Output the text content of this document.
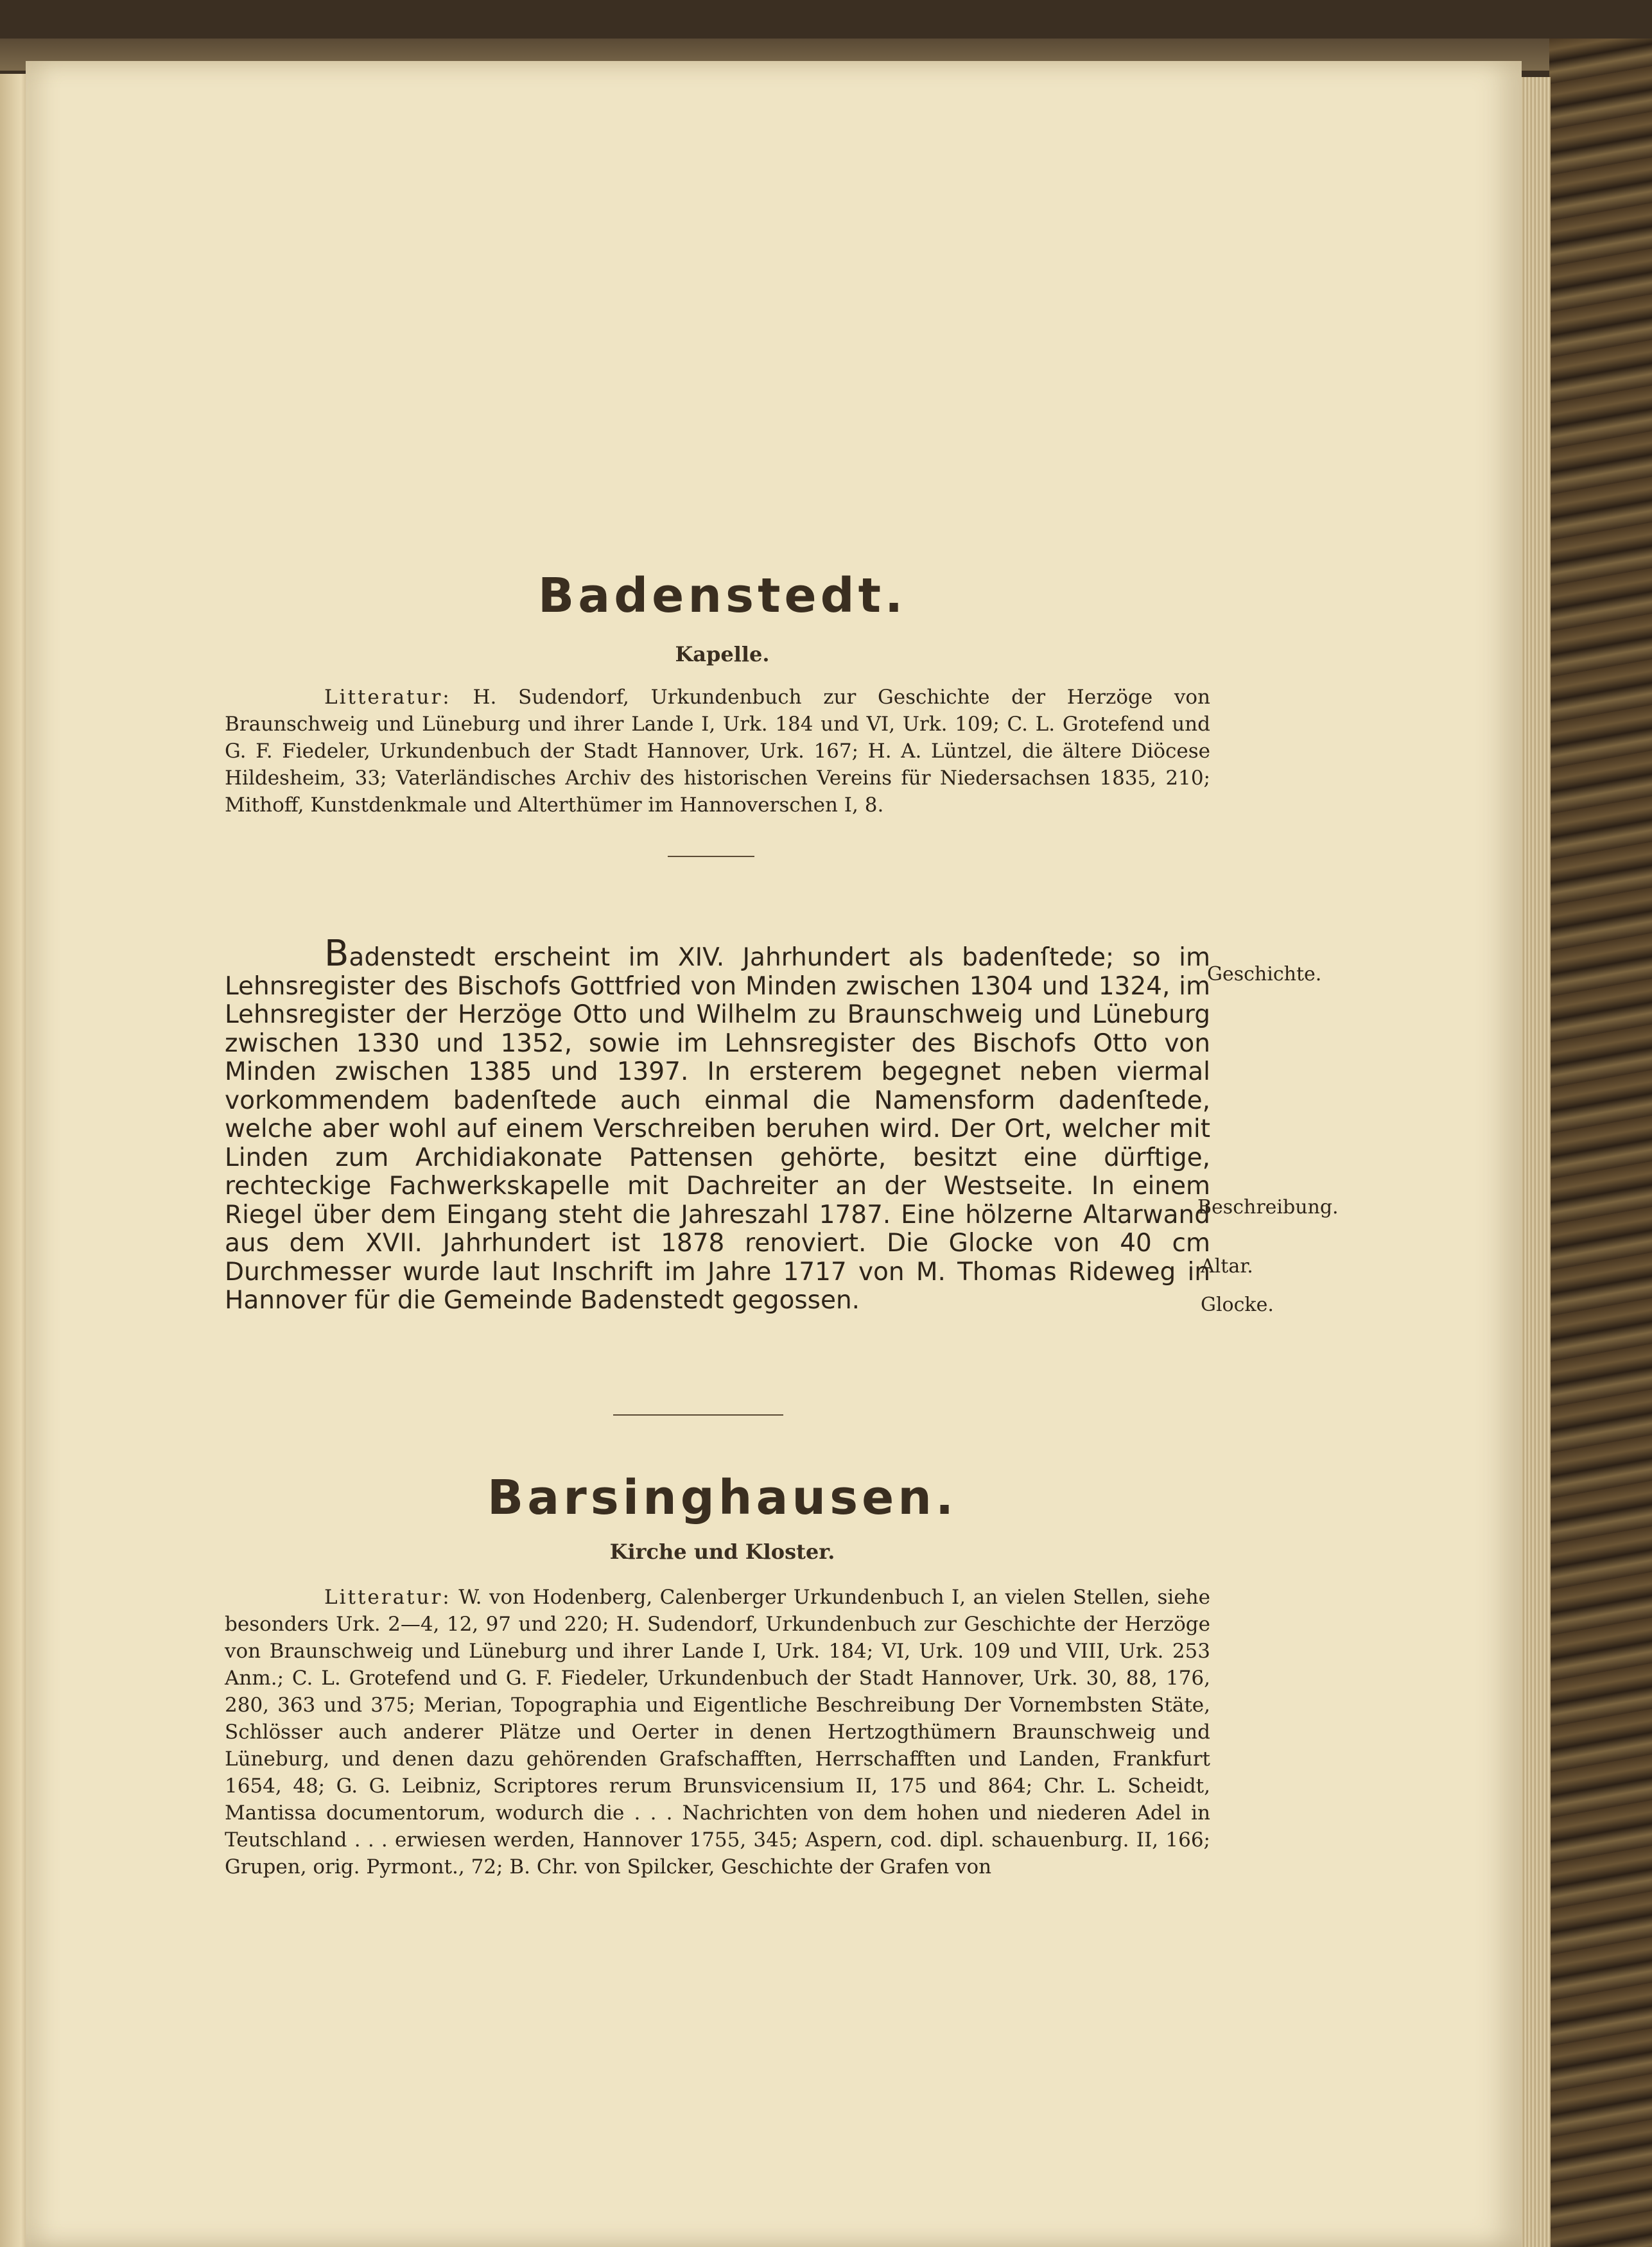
Badenstedt.
Kapelle.

Litteratur: H. Sudendorf, Urkundenbuch zur Geschichte der Herzöge von Braunschweig und Lüneburg und ihrer Lande I, Urk. 184 und VI, Urk. 109; C. L. Grotefend und G. F. Fiedeler, Urkundenbuch der Stadt Hannover, Urk. 167; H. A. Lüntzel, die ältere Diöcese Hildesheim, 33; Vaterländisches Archiv des historischen Vereins für Niedersachsen 1835, 210; Mithoff, Kunstdenkmale und Alterthümer im Hannoverschen I, 8.

Badenstedt erscheint im XIV. Jahrhundert als badenſtede; so im Lehnsregister des Bischofs Gottfried von Minden zwischen 1304 und 1324, im Lehnsregister der Herzöge Otto und Wilhelm zu Braunschweig und Lüneburg zwischen 1330 und 1352, sowie im Lehnsregister des Bischofs Otto von Minden zwischen 1385 und 1397. In ersterem begegnet neben viermal vorkommendem badenſtede auch einmal die Namensform dadenſtede, welche aber wohl auf einem Verschreiben beruhen wird. Der Ort, welcher mit Linden zum Archidiakonate Pattensen gehörte, besitzt eine dürftige, rechteckige Fachwerkskapelle mit Dachreiter an der Westseite. In einem Riegel über dem Eingang steht die Jahreszahl 1787. Eine hölzerne Altarwand aus dem XVII. Jahrhundert ist 1878 renoviert. Die Glocke von 40 cm Durchmesser wurde laut Inschrift im Jahre 1717 von M. Thomas Rideweg in Hannover für die Gemeinde Badenstedt gegossen.

Geschichte.
Beschreibung.
Altar.
Glocke.
Barsinghausen.
Kirche und Kloster.

Litteratur: W. von Hodenberg, Calenberger Urkundenbuch I, an vielen Stellen, siehe besonders Urk. 2—4, 12, 97 und 220; H. Sudendorf, Urkundenbuch zur Geschichte der Herzöge von Braunschweig und Lüneburg und ihrer Lande I, Urk. 184; VI, Urk. 109 und VIII, Urk. 253 Anm.; C. L. Grotefend und G. F. Fiedeler, Urkundenbuch der Stadt Hannover, Urk. 30, 88, 176, 280, 363 und 375; Merian, Topographia und Eigentliche Beschreibung Der Vornembsten Stäte, Schlösser auch anderer Plätze und Oerter in denen Hertzogthümern Braunschweig und Lüneburg, und denen dazu gehörenden Grafschafften, Herrschafften und Landen, Frankfurt 1654, 48; G. G. Leibniz, Scriptores rerum Brunsvicensium II, 175 und 864; Chr. L. Scheidt, Mantissa documentorum, wodurch die . . . Nachrichten von dem hohen und niederen Adel in Teutschland . . . erwiesen werden, Hannover 1755, 345; Aspern, cod. dipl. schauenburg. II, 166; Grupen, orig. Pyrmont., 72; B. Chr. von Spilcker, Geschichte der Grafen von
